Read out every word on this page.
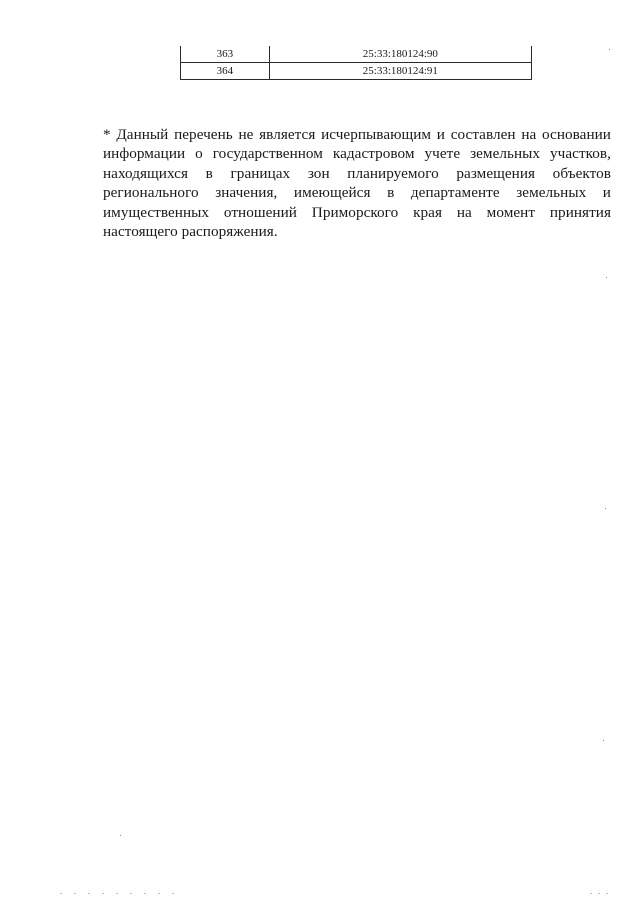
363	25:33:180124:90
364	25:33:180124:91

* Данный перечень не является исчерпывающим и составлен на основании информации о государственном кадастровом учете земельных участков, находящихся в границах зон планируемого размещения объектов регионального значения, имеющейся в департаменте земельных и имущественных отношений Приморского края на момент принятия настоящего распоряжения.
